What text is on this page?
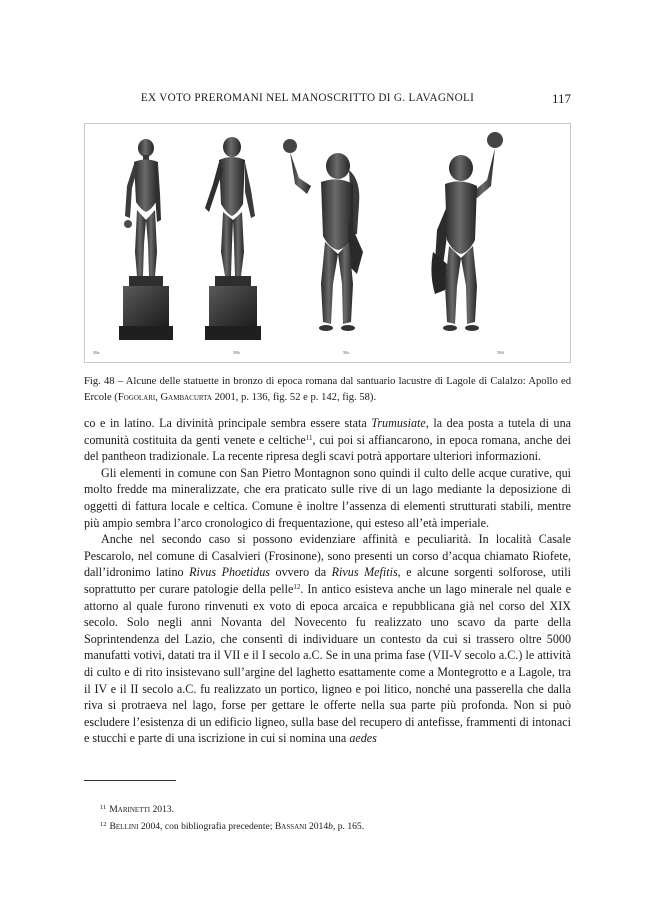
EX VOTO PREROMANI NEL MANOSCRITTO DI G. LAVAGNOLI	117
58a	58b	58c	58d
Fig. 48 – Alcune delle statuette in bronzo di epoca romana dal santuario lacustre di Lagole di Calalzo: Apollo ed Ercole (Fogolari, Gambacurta 2001, p. 136, fig. 52 e p. 142, fig. 58).

co e in latino. La divinità principale sembra essere stata Trumusiate, la dea posta a tutela di una comunità costituita da genti venete e celtiche$^{11}$, cui poi si affiancarono, in epoca romana, anche dei del pantheon tradizionale. La recente ripresa degli scavi potrà apportare ulteriori informazioni.

Gli elementi in comune con San Pietro Montagnon sono quindi il culto delle acque curative, qui molto fredde ma mineralizzate, che era praticato sulle rive di un lago mediante la deposizione di oggetti di fattura locale e celtica. Comune è inoltre l’assenza di elementi strutturati stabili, mentre più ampio sembra l’arco cronologico di frequentazione, qui esteso all’età imperiale.

Anche nel secondo caso si possono evidenziare affinità e peculiarità. In località Casale Pescarolo, nel comune di Casalvieri (Frosinone), sono presenti un corso d’acqua chiamato Riofete, dall’idronimo latino Rivus Phoetidus ovvero da Rivus Mefitis, e alcune sorgenti solforose, utili soprattutto per curare patologie della pelle$^{12}$. In antico esisteva anche un lago minerale nel quale e attorno al quale furono rinvenuti ex voto di epoca arcaica e repubblicana già nel corso del XIX secolo. Solo negli anni Novanta del Novecento fu realizzato uno scavo da parte della Soprintendenza del Lazio, che consentì di individuare un contesto da cui si trassero oltre 5000 manufatti votivi, datati tra il VII e il I secolo a.C. Se in una prima fase (VII-V secolo a.C.) le attività di culto e di rito insistevano sull’argine del laghetto esattamente come a Montegrotto e a Lagole, tra il IV e il II secolo a.C. fu realizzato un portico, ligneo e poi litico, nonché una passerella che dalla riva si protraeva nel lago, forse per gettare le offerte nella sua parte più profonda. Non si può escludere l’esistenza di un edificio ligneo, sulla base del recupero di antefisse, frammenti di intonaci e stucchi e parte di una iscrizione in cui si nomina una aedes

$^{11}$ Marinetti 2013.

$^{12}$ Bellini 2004, con bibliografia precedente; Bassani 2014b, p. 165.
